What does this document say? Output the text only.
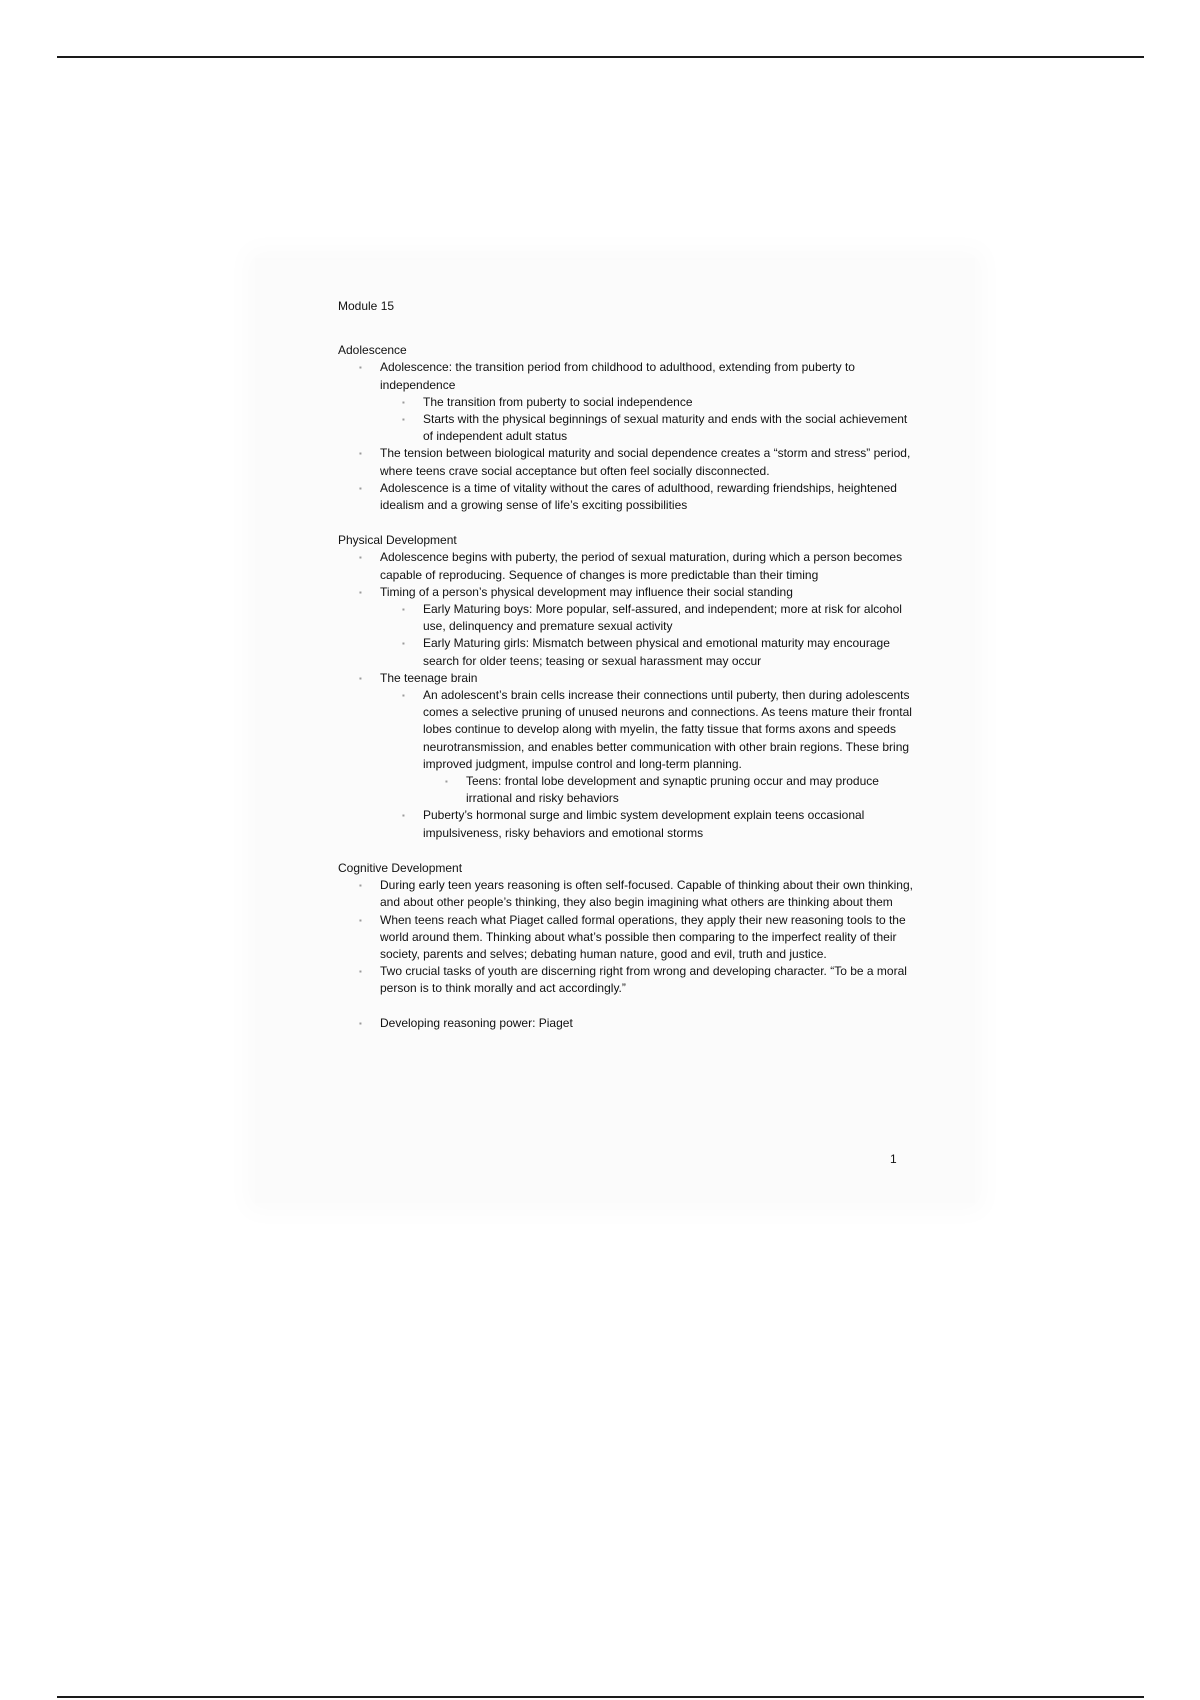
Module 15
Adolescence
▪ Adolescence: the transition period from childhood to adulthood, extending from puberty to independence
▪ The transition from puberty to social independence
▪ Starts with the physical beginnings of sexual maturity and ends with the social achievement of independent adult status
▪ The tension between biological maturity and social dependence creates a “storm and stress” period, where teens crave social acceptance but often feel socially disconnected.
▪ Adolescence is a time of vitality without the cares of adulthood, rewarding friendships, heightened idealism and a growing sense of life’s exciting possibilities
Physical Development
▪ Adolescence begins with puberty, the period of sexual maturation, during which a person becomes capable of reproducing. Sequence of changes is more predictable than their timing
▪ Timing of a person’s physical development may influence their social standing
▪ Early Maturing boys: More popular, self-assured, and independent; more at risk for alcohol use, delinquency and premature sexual activity
▪ Early Maturing girls: Mismatch between physical and emotional maturity may encourage search for older teens; teasing or sexual harassment may occur
▪ The teenage brain
▪ An adolescent’s brain cells increase their connections until puberty, then during adolescents comes a selective pruning of unused neurons and connections. As teens mature their frontal lobes continue to develop along with myelin, the fatty tissue that forms axons and speeds neurotransmission, and enables better communication with other brain regions. These bring improved judgment, impulse control and long-term planning.
▪ Teens: frontal lobe development and synaptic pruning occur and may produce irrational and risky behaviors
▪ Puberty’s hormonal surge and limbic system development explain teens occasional impulsiveness, risky behaviors and emotional storms
Cognitive Development
▪ During early teen years reasoning is often self-focused. Capable of thinking about their own thinking, and about other people’s thinking, they also begin imagining what others are thinking about them
▪ When teens reach what Piaget called formal operations, they apply their new reasoning tools to the world around them. Thinking about what’s possible then comparing to the imperfect reality of their society, parents and selves; debating human nature, good and evil, truth and justice.
▪ Two crucial tasks of youth are discerning right from wrong and developing character. “To be a moral person is to think morally and act accordingly.”
▪ Developing reasoning power: Piaget
1
